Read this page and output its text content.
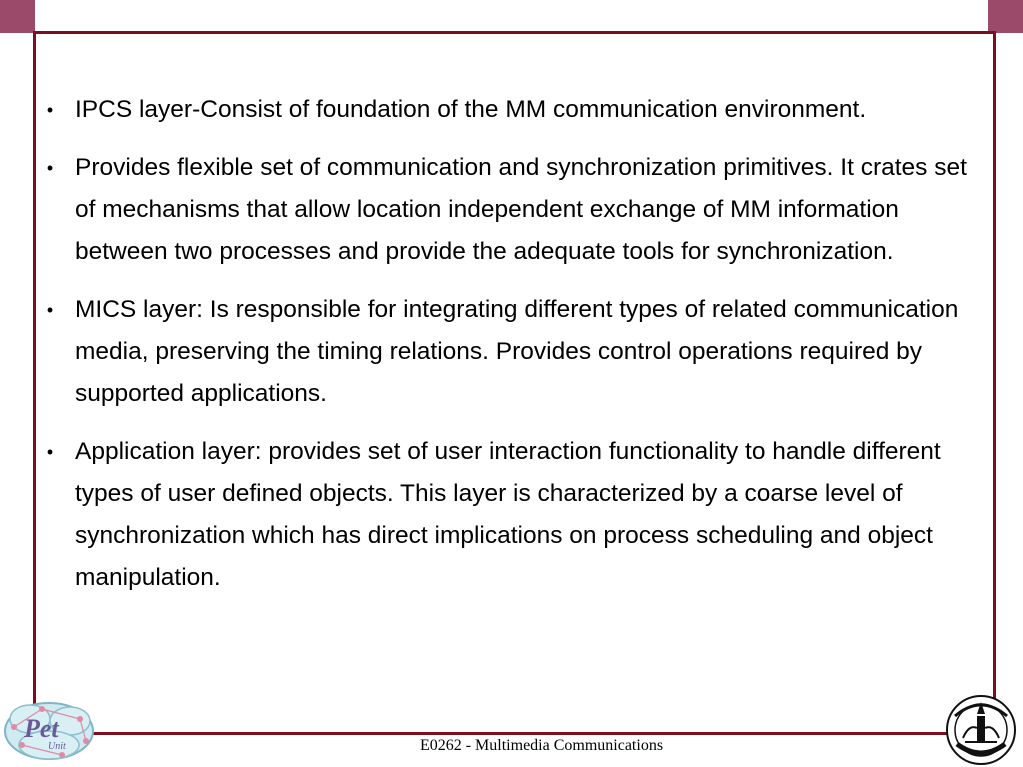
• IPCS layer-Consist of foundation of the MM communication environment.
• Provides flexible set of communication and synchronization primitives. It crates set of mechanisms that allow location independent exchange of MM information between two processes and provide the adequate tools for synchronization.
• MICS layer: Is responsible for integrating different types of related communication media, preserving the timing relations. Provides control operations required by supported applications.
• Application layer: provides set of user interaction functionality to handle different types of user defined objects. This layer is characterized by a coarse level of synchronization which has direct implications on process scheduling and object manipulation.
Pet
Unit	E0262 - Multimedia Communications
